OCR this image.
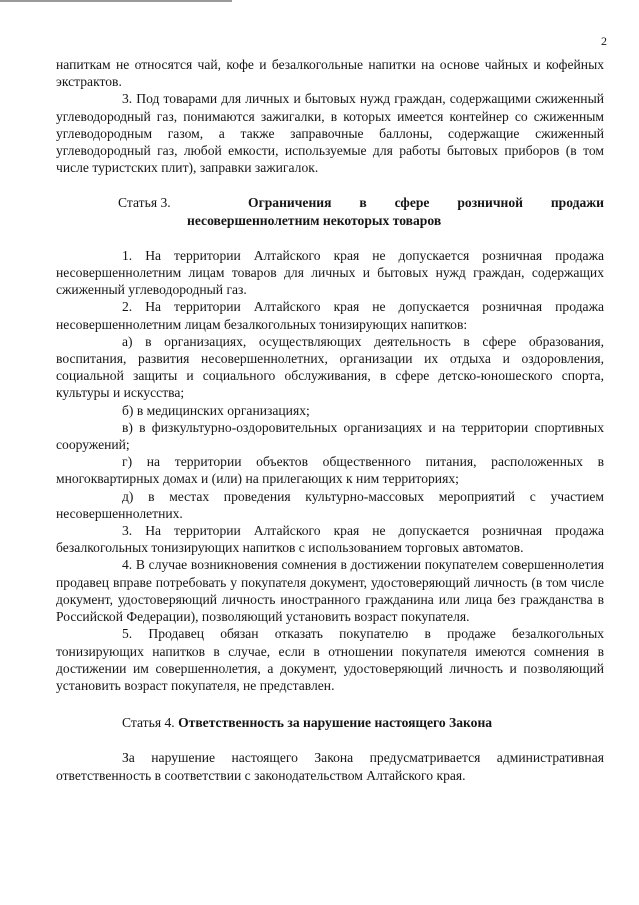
2

напиткам не относятся чай, кофе и безалкогольные напитки на основе чайных и кофейных экстрактов.

3. Под товарами для личных и бытовых нужд граждан, содержащими сжиженный углеводородный газ, понимаются зажигалки, в которых имеется контейнер со сжиженным углеводородным газом, а также заправочные баллоны, содержащие сжиженный углеводородный газ, любой емкости, используемые для работы бытовых приборов (в том числе туристских плит), заправки зажигалок.

Статья 3.	Ограничения в сфере розничной продажи
несовершеннолетним некоторых товаров

1. На территории Алтайского края не допускается розничная продажа несовершеннолетним лицам товаров для личных и бытовых нужд граждан, содержащих сжиженный углеводородный газ.

2. На территории Алтайского края не допускается розничная продажа несовершеннолетним лицам безалкогольных тонизирующих напитков:

а) в организациях, осуществляющих деятельность в сфере образования, воспитания, развития несовершеннолетних, организации их отдыха и оздоровления, социальной защиты и социального обслуживания, в сфере детско-юношеского спорта, культуры и искусства;

б) в медицинских организациях;

в) в физкультурно-оздоровительных организациях и на территории спортивных сооружений;

г) на территории объектов общественного питания, расположенных в многоквартирных домах и (или) на прилегающих к ним территориях;

д) в местах проведения культурно-массовых мероприятий с участием несовершеннолетних.

3. На территории Алтайского края не допускается розничная продажа безалкогольных тонизирующих напитков с использованием торговых автоматов.

4. В случае возникновения сомнения в достижении покупателем совершеннолетия продавец вправе потребовать у покупателя документ, удостоверяющий личность (в том числе документ, удостоверяющий личность иностранного гражданина или лица без гражданства в Российской Федерации), позволяющий установить возраст покупателя.

5. Продавец обязан отказать покупателю в продаже безалкогольных тонизирующих напитков в случае, если в отношении покупателя имеются сомнения в достижении им совершеннолетия, а документ, удостоверяющий личность и позволяющий установить возраст покупателя, не представлен.

Статья 4. Ответственность за нарушение настоящего Закона

За нарушение настоящего Закона предусматривается административная ответственность в соответствии с законодательством Алтайского края.
